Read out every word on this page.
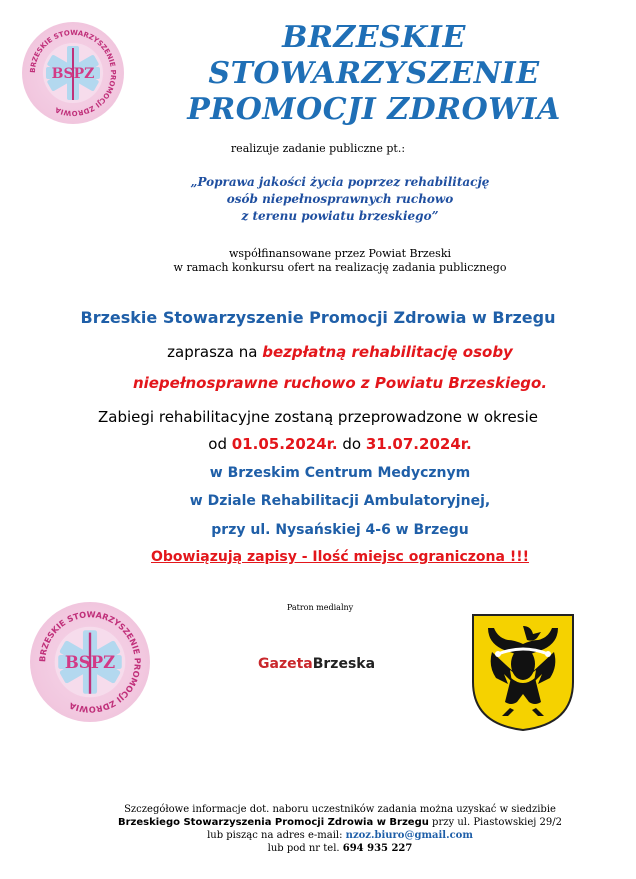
BSPZ
BRZESKIE STOWARZYSZENIE PROMOCJI ZDROWIA
BRZESKIE STOWARZYSZENIE
PROMOCJI ZDROWIA
realizuje zadanie publiczne pt.:
„Poprawa jakości życia poprzez rehabilitację
osób niepełnosprawnych ruchowo
z terenu powiatu brzeskiego”
współfinansowane przez Powiat Brzeski
w ramach konkursu ofert na realizację zadania publicznego
Brzeskie Stowarzyszenie Promocji Zdrowia w Brzegu
zaprasza na bezpłatną rehabilitację osoby
niepełnosprawne ruchowo z Powiatu Brzeskiego.
Zabiegi rehabilitacyjne zostaną przeprowadzone w okresie
od 01.05.2024r. do 31.07.2024r.
w Brzeskim Centrum Medycznym
w Dziale Rehabilitacji Ambulatoryjnej,
przy ul. Nysańskiej 4-6 w Brzegu
Obowiązują zapisy - Ilość miejsc ograniczona !!!
BSPZ
BRZESKIE STOWARZYSZENIE PROMOCJI ZDROWIA
Patron medialny
GazetaBrzeska
Szczegółowe informacje dot. naboru uczestników zadania można uzyskać w siedzibie
Brzeskiego Stowarzyszenia Promocji Zdrowia w Brzegu przy ul. Piastowskiej 29/2
lub pisząc na adres e-mail: nzoz.biuro@gmail.com
lub pod nr tel. 694 935 227
